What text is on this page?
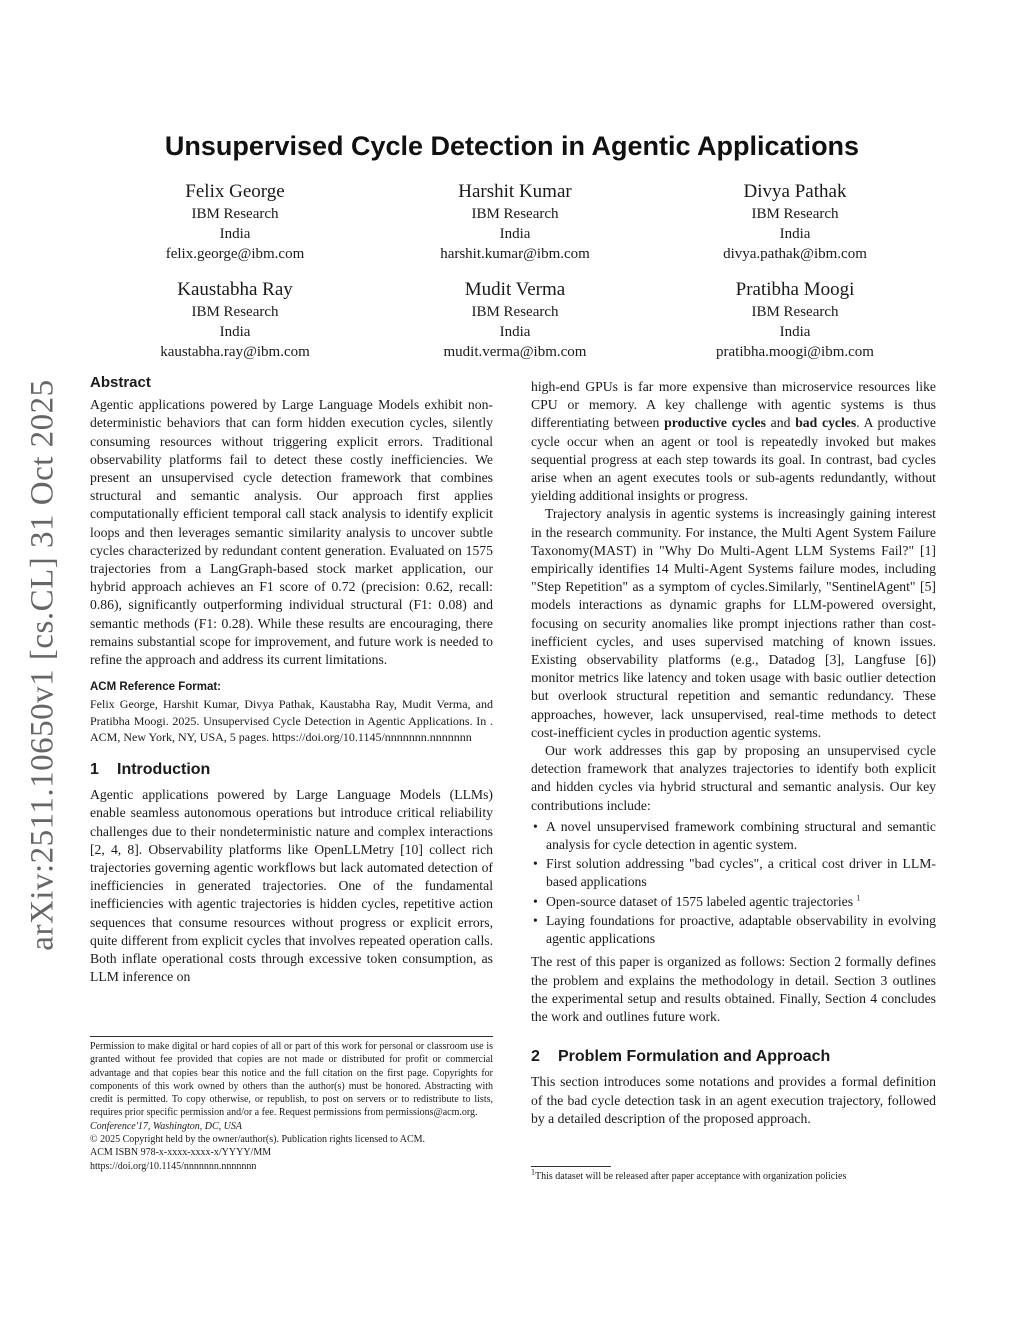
arXiv:2511.10650v1 [cs.CL] 31 Oct 2025
Unsupervised Cycle Detection in Agentic Applications
Felix George
IBM Research
India
felix.george@ibm.com
Harshit Kumar
IBM Research
India
harshit.kumar@ibm.com
Divya Pathak
IBM Research
India
divya.pathak@ibm.com
Kaustabha Ray
IBM Research
India
kaustabha.ray@ibm.com
Mudit Verma
IBM Research
India
mudit.verma@ibm.com
Pratibha Moogi
IBM Research
India
pratibha.moogi@ibm.com
Abstract

Agentic applications powered by Large Language Models exhibit non-deterministic behaviors that can form hidden execution cycles, silently consuming resources without triggering explicit errors. Traditional observability platforms fail to detect these costly inefficiencies. We present an unsupervised cycle detection framework that combines structural and semantic analysis. Our approach first applies computationally efficient temporal call stack analysis to identify explicit loops and then leverages semantic similarity analysis to uncover subtle cycles characterized by redundant content generation. Evaluated on 1575 trajectories from a LangGraph-based stock market application, our hybrid approach achieves an F1 score of 0.72 (precision: 0.62, recall: 0.86), significantly outperforming individual structural (F1: 0.08) and semantic methods (F1: 0.28). While these results are encouraging, there remains substantial scope for improvement, and future work is needed to refine the approach and address its current limitations.

ACM Reference Format:
Felix George, Harshit Kumar, Divya Pathak, Kaustabha Ray, Mudit Verma, and Pratibha Moogi. 2025. Unsupervised Cycle Detection in Agentic Applications. In . ACM, New York, NY, USA, 5 pages. https://doi.org/10.1145/nnnnnnn.nnnnnnn
1 Introduction

Agentic applications powered by Large Language Models (LLMs) enable seamless autonomous operations but introduce critical reliability challenges due to their nondeterministic nature and complex interactions [2, 4, 8]. Observability platforms like OpenLLMetry [10] collect rich trajectories governing agentic workflows but lack automated detection of inefficiencies in generated trajectories. One of the fundamental inefficiencies with agentic trajectories is hidden cycles, repetitive action sequences that consume resources without progress or explicit errors, quite different from explicit cycles that involves repeated operation calls. Both inflate operational costs through excessive token consumption, as LLM inference on

high-end GPUs is far more expensive than microservice resources like CPU or memory. A key challenge with agentic systems is thus differentiating between productive cycles and bad cycles. A productive cycle occur when an agent or tool is repeatedly invoked but makes sequential progress at each step towards its goal. In contrast, bad cycles arise when an agent executes tools or sub-agents redundantly, without yielding additional insights or progress.

Trajectory analysis in agentic systems is increasingly gaining interest in the research community. For instance, the Multi Agent System Failure Taxonomy(MAST) in "Why Do Multi-Agent LLM Systems Fail?" [1] empirically identifies 14 Multi-Agent Systems failure modes, including "Step Repetition" as a symptom of cycles.Similarly, "SentinelAgent" [5] models interactions as dynamic graphs for LLM-powered oversight, focusing on security anomalies like prompt injections rather than cost-inefficient cycles, and uses supervised matching of known issues. Existing observability platforms (e.g., Datadog [3], Langfuse [6]) monitor metrics like latency and token usage with basic outlier detection but overlook structural repetition and semantic redundancy. These approaches, however, lack unsupervised, real-time methods to detect cost-inefficient cycles in production agentic systems.

Our work addresses this gap by proposing an unsupervised cycle detection framework that analyzes trajectories to identify both explicit and hidden cycles via hybrid structural and semantic analysis. Our key contributions include:

• A novel unsupervised framework combining structural and semantic analysis for cycle detection in agentic system.
• First solution addressing "bad cycles", a critical cost driver in LLM-based applications
• Open-source dataset of 1575 labeled agentic trajectories $^1$
• Laying foundations for proactive, adaptable observability in evolving agentic applications

The rest of this paper is organized as follows: Section 2 formally defines the problem and explains the methodology in detail. Section 3 outlines the experimental setup and results obtained. Finally, Section 4 concludes the work and outlines future work.

2 Problem Formulation and Approach

This section introduces some notations and provides a formal definition of the bad cycle detection task in an agent execution trajectory, followed by a detailed description of the proposed approach.

Permission to make digital or hard copies of all or part of this work for personal or classroom use is granted without fee provided that copies are not made or distributed for profit or commercial advantage and that copies bear this notice and the full citation on the first page. Copyrights for components of this work owned by others than the author(s) must be honored. Abstracting with credit is permitted. To copy otherwise, or republish, to post on servers or to redistribute to lists, requires prior specific permission and/or a fee. Request permissions from permissions@acm.org.

Conference'17, Washington, DC, USA

© 2025 Copyright held by the owner/author(s). Publication rights licensed to ACM.

ACM ISBN 978-x-xxxx-xxxx-x/YYYY/MM

https://doi.org/10.1145/nnnnnnn.nnnnnnn

$^1$This dataset will be released after paper acceptance with organization policies
